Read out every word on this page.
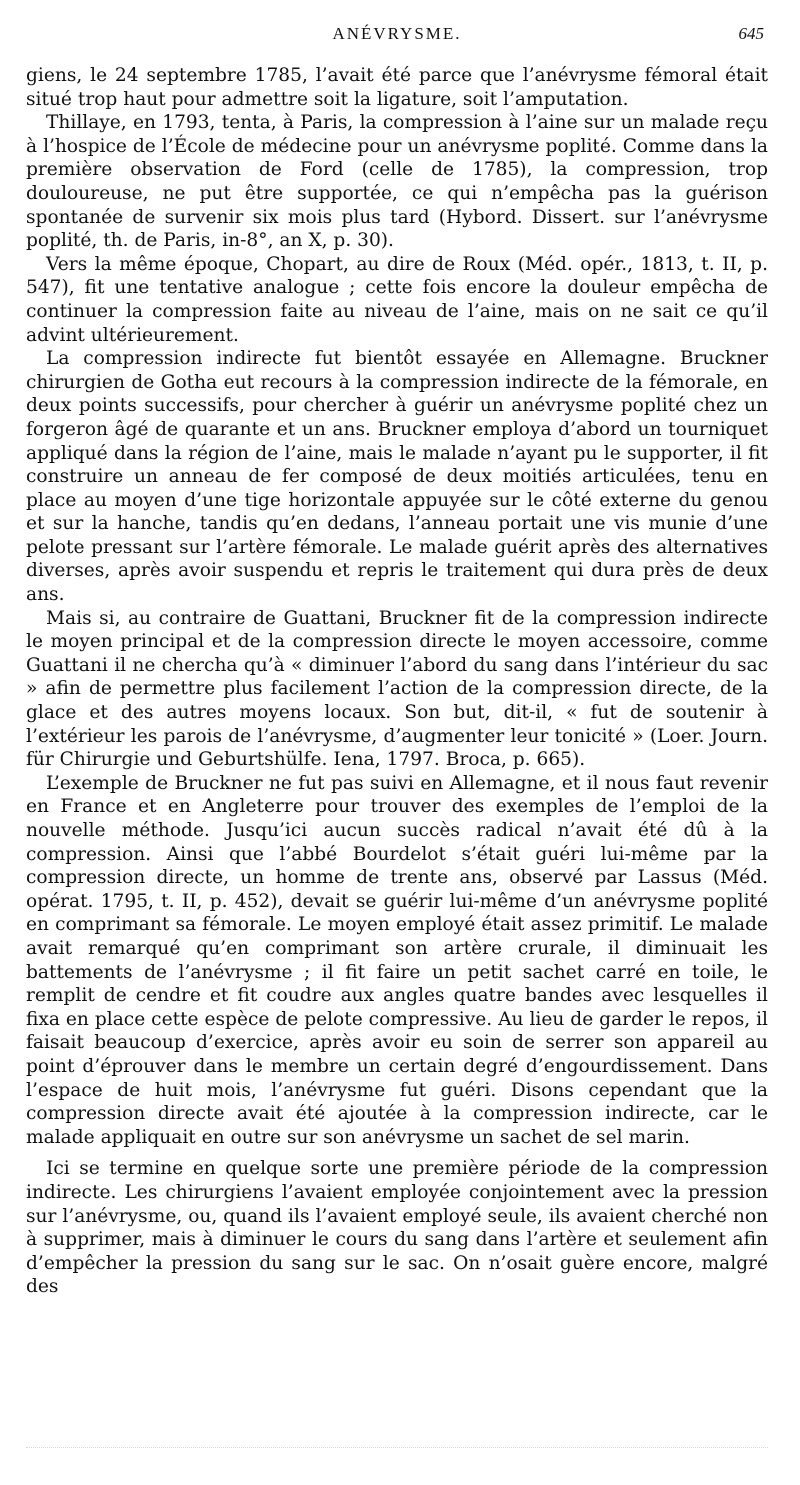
ANÉVRYSME.	645

giens, le 24 septembre 1785, l’avait été parce que l’anévrysme fémoral était situé trop haut pour admettre soit la ligature, soit l’amputation.

Thillaye, en 1793, tenta, à Paris, la compression à l’aine sur un malade reçu à l’hospice de l’École de médecine pour un anévrysme poplité. Comme dans la première observation de Ford (celle de 1785), la compression, trop douloureuse, ne put être supportée, ce qui n’empêcha pas la guérison spontanée de survenir six mois plus tard (Hybord. Dissert. sur l’anévrysme poplité, th. de Paris, in-8°, an X, p. 30).

Vers la même époque, Chopart, au dire de Roux (Méd. opér., 1813, t. II, p. 547), fit une tentative analogue ; cette fois encore la douleur empêcha de continuer la compression faite au niveau de l’aine, mais on ne sait ce qu’il advint ultérieurement.

La compression indirecte fut bientôt essayée en Allemagne. Bruckner chirurgien de Gotha eut recours à la compression indirecte de la fémorale, en deux points successifs, pour chercher à guérir un anévrysme poplité chez un forgeron âgé de quarante et un ans. Bruckner employa d’abord un tourniquet appliqué dans la région de l’aine, mais le malade n’ayant pu le supporter, il fit construire un anneau de fer composé de deux moitiés articulées, tenu en place au moyen d’une tige horizontale appuyée sur le côté externe du genou et sur la hanche, tandis qu’en dedans, l’anneau portait une vis munie d’une pelote pressant sur l’artère fémorale. Le malade guérit après des alternatives diverses, après avoir suspendu et repris le traitement qui dura près de deux ans.

Mais si, au contraire de Guattani, Bruckner fit de la compression indirecte le moyen principal et de la compression directe le moyen accessoire, comme Guattani il ne chercha qu’à « diminuer l’abord du sang dans l’intérieur du sac » afin de permettre plus facilement l’action de la compression directe, de la glace et des autres moyens locaux. Son but, dit-il, « fut de soutenir à l’extérieur les parois de l’anévrysme, d’augmenter leur tonicité » (Loer. Journ. für Chirurgie und Geburtshülfe. Iena, 1797. Broca, p. 665).

L’exemple de Bruckner ne fut pas suivi en Allemagne, et il nous faut revenir en France et en Angleterre pour trouver des exemples de l’emploi de la nouvelle méthode. Jusqu’ici aucun succès radical n’avait été dû à la compression. Ainsi que l’abbé Bourdelot s’était guéri lui-même par la compression directe, un homme de trente ans, observé par Lassus (Méd. opérat. 1795, t. II, p. 452), devait se guérir lui-même d’un anévrysme poplité en comprimant sa fémorale. Le moyen employé était assez primitif. Le malade avait remarqué qu’en comprimant son artère crurale, il diminuait les battements de l’anévrysme ; il fit faire un petit sachet carré en toile, le remplit de cendre et fit coudre aux angles quatre bandes avec lesquelles il fixa en place cette espèce de pelote compressive. Au lieu de garder le repos, il faisait beaucoup d’exercice, après avoir eu soin de serrer son appareil au point d’éprouver dans le membre un certain degré d’engourdissement. Dans l’espace de huit mois, l’anévrysme fut guéri. Disons cependant que la compression directe avait été ajoutée à la compression indirecte, car le malade appliquait en outre sur son anévrysme un sachet de sel marin.

Ici se termine en quelque sorte une première période de la compression indirecte. Les chirurgiens l’avaient employée conjointement avec la pression sur l’anévrysme, ou, quand ils l’avaient employé seule, ils avaient cherché non à supprimer, mais à diminuer le cours du sang dans l’artère et seulement afin d’empêcher la pression du sang sur le sac. On n’osait guère encore, malgré des
